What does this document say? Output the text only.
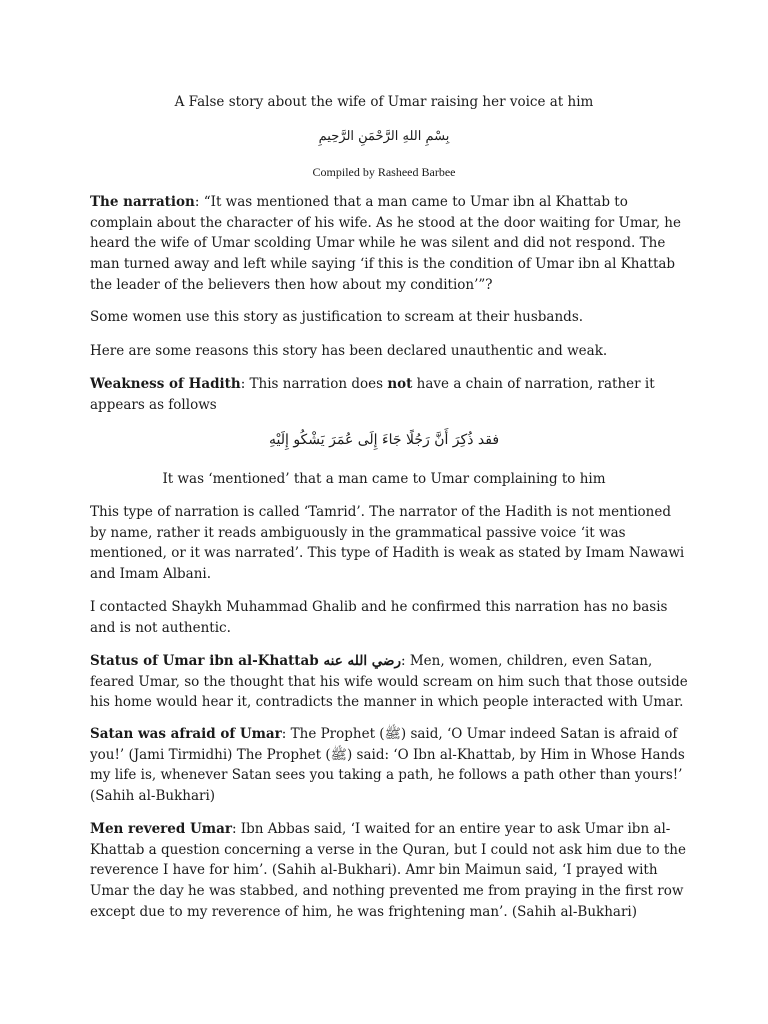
A False story about the wife of Umar raising her voice at him
بِسْمِ اللهِ الرَّحْمَنِ الرَّحِيمِ
Compiled by Rasheed Barbee

The narration: “It was mentioned that a man came to Umar ibn al Khattab to complain about the character of his wife. As he stood at the door waiting for Umar, he heard the wife of Umar scolding Umar while he was silent and did not respond. The man turned away and left while saying ‘if this is the condition of Umar ibn al Khattab the leader of the believers then how about my condition’”?

Some women use this story as justification to scream at their husbands.

Here are some reasons this story has been declared unauthentic and weak.

Weakness of Hadith: This narration does not have a chain of narration, rather it appears as follows

فقد ذُكِرَ أَنَّ رَجُلًا جَاءَ إِلَى عُمَرَ يَشْكُو إِلَيْهِ
It was ‘mentioned’ that a man came to Umar complaining to him

This type of narration is called ‘Tamrid’. The narrator of the Hadith is not mentioned by name, rather it reads ambiguously in the grammatical passive voice ‘it was mentioned, or it was narrated’. This type of Hadith is weak as stated by Imam Nawawi and Imam Albani.

I contacted Shaykh Muhammad Ghalib and he confirmed this narration has no basis and is not authentic.

Status of Umar ibn al-Khattab رضي الله عنه: Men, women, children, even Satan, feared Umar, so the thought that his wife would scream on him such that those outside his home would hear it, contradicts the manner in which people interacted with Umar.

Satan was afraid of Umar: The Prophet (ﷺ) said, ‘O Umar indeed Satan is afraid of you!’ (Jami Tirmidhi) The Prophet (ﷺ) said: ‘O Ibn al-Khattab, by Him in Whose Hands my life is, whenever Satan sees you taking a path, he follows a path other than yours!’ (Sahih al-Bukhari)

Men revered Umar: Ibn Abbas said, ‘I waited for an entire year to ask Umar ibn al-Khattab a question concerning a verse in the Quran, but I could not ask him due to the reverence I have for him’. (Sahih al-Bukhari). Amr bin Maimun said, ‘I prayed with Umar the day he was stabbed, and nothing prevented me from praying in the first row except due to my reverence of him, he was frightening man’. (Sahih al-Bukhari)
